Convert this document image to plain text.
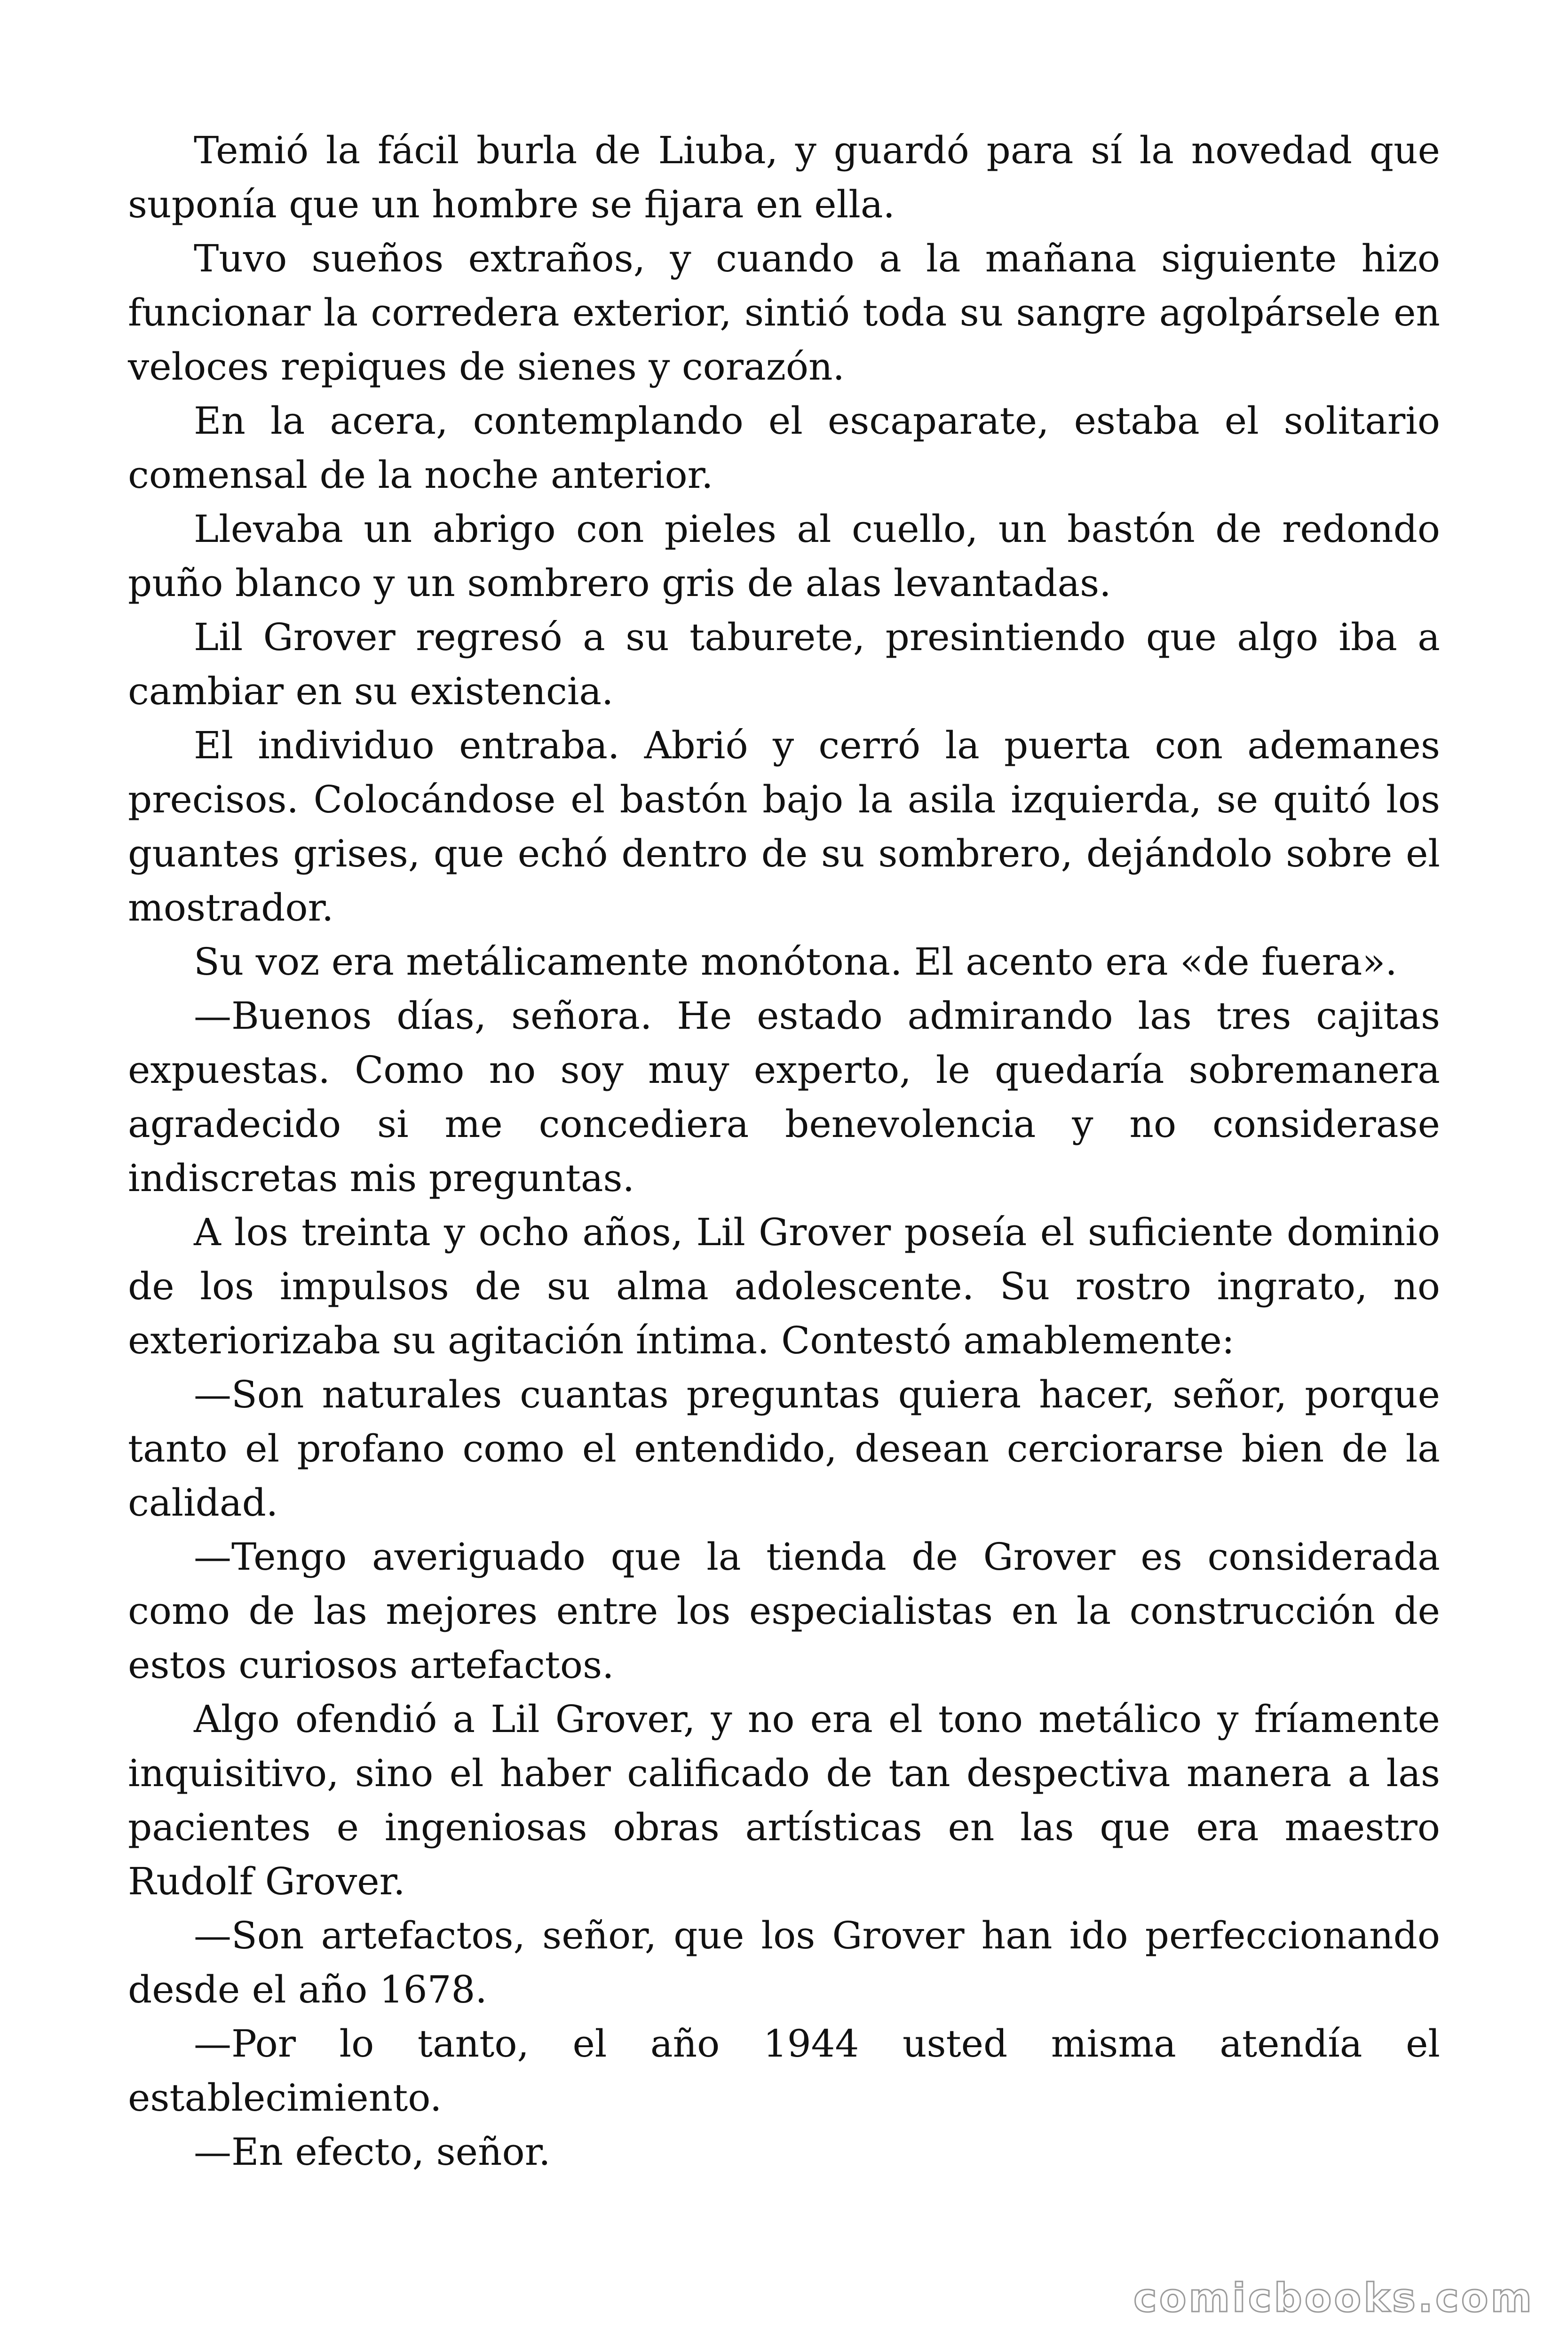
Temió la fácil burla de Liuba, y guardó para sí la novedad que suponía que un hombre se fijara en ella.

Tuvo sueños extraños, y cuando a la mañana siguiente hizo funcionar la corredera exterior, sintió toda su sangre agolpársele en veloces repiques de sienes y corazón.

En la acera, contemplando el escaparate, estaba el solitario comensal de la noche anterior.

Llevaba un abrigo con pieles al cuello, un bastón de redondo puño blanco y un sombrero gris de alas levantadas.

Lil Grover regresó a su taburete, presintiendo que algo iba a cambiar en su existencia.

El individuo entraba. Abrió y cerró la puerta con ademanes precisos. Colocándose el bastón bajo la asila izquierda, se quitó los guantes grises, que echó dentro de su sombrero, dejándolo sobre el mostrador.

Su voz era metálicamente monótona. El acento era «de fuera».

—Buenos días, señora. He estado admirando las tres cajitas expuestas. Como no soy muy experto, le quedaría sobremanera agradecido si me concediera benevolencia y no considerase indiscretas mis preguntas.

A los treinta y ocho años, Lil Grover poseía el suficiente dominio de los impulsos de su alma adolescente. Su rostro ingrato, no exteriorizaba su agitación íntima. Contestó amablemente:

—Son naturales cuantas preguntas quiera hacer, señor, porque tanto el profano como el entendido, desean cerciorarse bien de la calidad.

—Tengo averiguado que la tienda de Grover es considerada como de las mejores entre los especialistas en la construcción de estos curiosos artefactos.

Algo ofendió a Lil Grover, y no era el tono metálico y fríamente inquisitivo, sino el haber calificado de tan despectiva manera a las pacientes e ingeniosas obras artísticas en las que era maestro Rudolf Grover.

—Son artefactos, señor, que los Grover han ido perfeccionando desde el año 1678.

—Por lo tanto, el año 1944 usted misma atendía el establecimiento.

—En efecto, señor.

comicbooks.com
